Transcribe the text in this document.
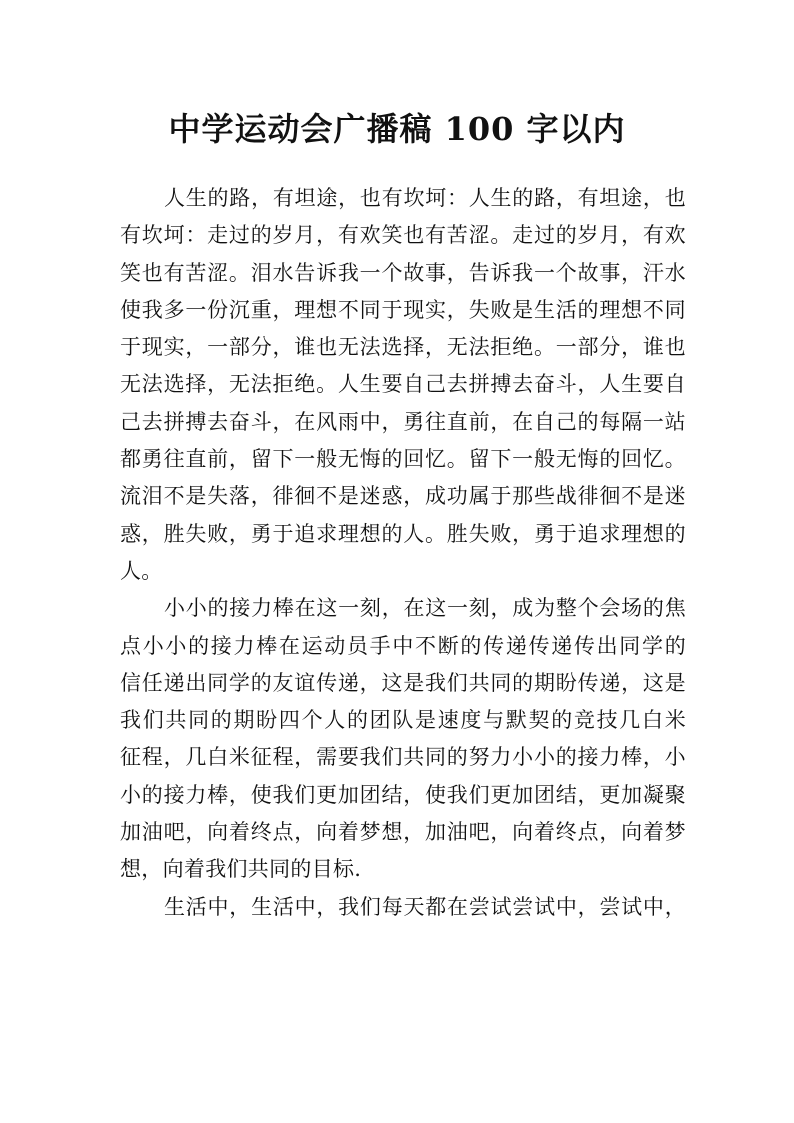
中学运动会广播稿 100 字以内
人生的路，有坦途，也有坎坷：人生的路，有坦途，也
有坎坷：走过的岁月，有欢笑也有苦涩。走过的岁月，有欢
笑也有苦涩。泪水告诉我一个故事，告诉我一个故事，汗水
使我多一份沉重，理想不同于现实，失败是生活的理想不同
于现实，一部分，谁也无法选择，无法拒绝。一部分，谁也
无法选择，无法拒绝。人生要自己去拼搏去奋斗，人生要自
己去拼搏去奋斗，在风雨中，勇往直前，在自己的每隔一站
都勇往直前，留下一般无悔的回忆。留下一般无悔的回忆。
流泪不是失落，徘徊不是迷惑，成功属于那些战徘徊不是迷
惑，胜失败，勇于追求理想的人。胜失败，勇于追求理想的
人。
小小的接力棒在这一刻，在这一刻，成为整个会场的焦
点小小的接力棒在运动员手中不断的传递传递传出同学的
信任递出同学的友谊传递，这是我们共同的期盼传递，这是
我们共同的期盼四个人的团队是速度与默契的竞技几白米
征程，几白米征程，需要我们共同的努力小小的接力棒，小
小的接力棒，使我们更加团结，使我们更加团结，更加凝聚
加油吧，向着终点，向着梦想，加油吧，向着终点，向着梦
想，向着我们共同的目标.
生活中，生活中，我们每天都在尝试尝试中，尝试中，
